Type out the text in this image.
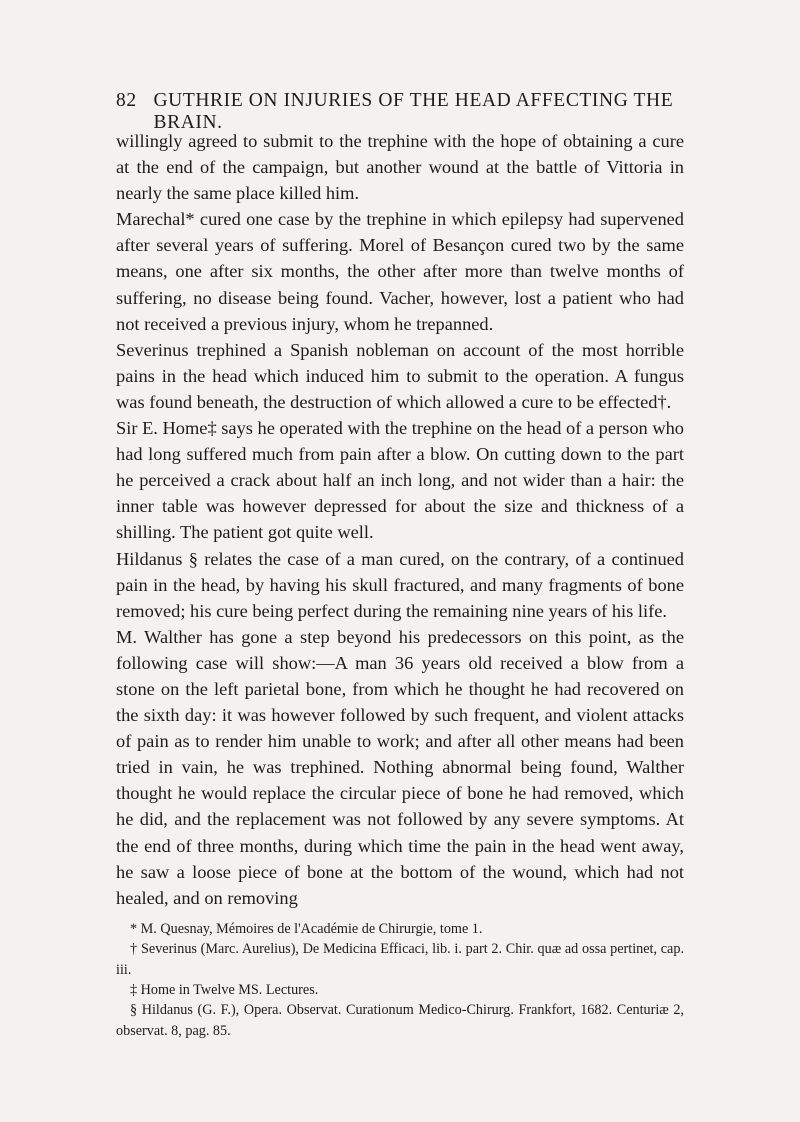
82 GUTHRIE ON INJURIES OF THE HEAD AFFECTING THE BRAIN.

willingly agreed to submit to the trephine with the hope of obtaining a cure at the end of the campaign, but another wound at the battle of Vittoria in nearly the same place killed him.

Marechal* cured one case by the trephine in which epilepsy had supervened after several years of suffering. Morel of Besançon cured two by the same means, one after six months, the other after more than twelve months of suffering, no disease being found. Vacher, however, lost a patient who had not received a previous injury, whom he trepanned.

Severinus trephined a Spanish nobleman on account of the most horrible pains in the head which induced him to submit to the operation. A fungus was found beneath, the destruction of which allowed a cure to be effected†.

Sir E. Home‡ says he operated with the trephine on the head of a person who had long suffered much from pain after a blow. On cutting down to the part he perceived a crack about half an inch long, and not wider than a hair: the inner table was however depressed for about the size and thickness of a shilling. The patient got quite well.

Hildanus § relates the case of a man cured, on the contrary, of a continued pain in the head, by having his skull fractured, and many fragments of bone removed; his cure being perfect during the remaining nine years of his life.

M. Walther has gone a step beyond his predecessors on this point, as the following case will show:—A man 36 years old received a blow from a stone on the left parietal bone, from which he thought he had recovered on the sixth day: it was however followed by such frequent, and violent attacks of pain as to render him unable to work; and after all other means had been tried in vain, he was trephined. Nothing abnormal being found, Walther thought he would replace the circular piece of bone he had removed, which he did, and the replacement was not followed by any severe symptoms. At the end of three months, during which time the pain in the head went away, he saw a loose piece of bone at the bottom of the wound, which had not healed, and on removing

* M. Quesnay, Mémoires de l'Académie de Chirurgie, tome 1.

† Severinus (Marc. Aurelius), De Medicina Efficaci, lib. i. part 2. Chir. quæ ad ossa pertinet, cap. iii.

‡ Home in Twelve MS. Lectures.

§ Hildanus (G. F.), Opera. Observat. Curationum Medico-Chirurg. Frankfort, 1682. Centuriæ 2, observat. 8, pag. 85.
